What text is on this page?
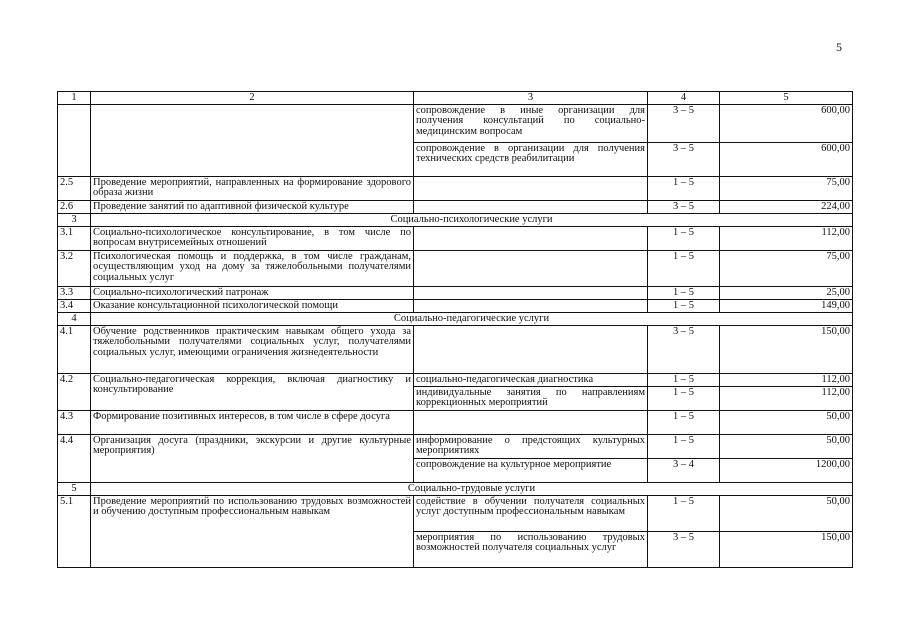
5
1	2	3	4	5
		сопровождение в иные организации для получения консультаций по социально-медицинским вопросам	3 – 5	600,00
		сопровождение в организации для получения технических средств реабилитации	3 – 5	600,00
2.5	Проведение мероприятий, направленных на формирование здорового образа жизни		1 – 5	75,00
2.6	Проведение занятий по адаптивной физической культуре		3 – 5	224,00
3	Социально-психологические услуги			
3.1	Социально-психологическое консультирование, в том числе по вопросам внутрисемейных отношений		1 – 5	112,00
3.2	Психологическая помощь и поддержка, в том числе гражданам, осуществляющим уход на дому за тяжелобольными получателями социальных услуг		1 – 5	75,00
3.3	Социально-психологический патронаж		1 – 5	25,00
3.4	Оказание консультационной психологической помощи		1 – 5	149,00
4	Социально-педагогические услуги			
4.1	Обучение родственников практическим навыкам общего ухода за тяжелобольными получателями социальных услуг, получателями социальных услуг, имеющими ограничения жизнедеятельности		3 – 5	150,00
4.2	Социально-педагогическая коррекция, включая диагностику и консультирование	социально-педагогическая диагностика	1 – 5	112,00
		индивидуальные занятия по направлениям коррекционных мероприятий	1 – 5	112,00
4.3	Формирование позитивных интересов, в том числе в сфере досуга		1 – 5	50,00
4.4	Организация досуга (праздники, экскурсии и другие культурные мероприятия)	информирование о предстоящих культурных мероприятиях	1 – 5	50,00
		сопровождение на культурное мероприятие	3 – 4	1200,00
5	Социально-трудовые услуги			
5.1	Проведение мероприятий по использованию трудовых возможностей и обучению доступным профессиональным навыкам	содействие в обучении получателя социальных услуг доступным профессиональным навыкам	1 – 5	50,00
		мероприятия по использованию трудовых возможностей получателя социальных услуг	3 – 5	150,00
